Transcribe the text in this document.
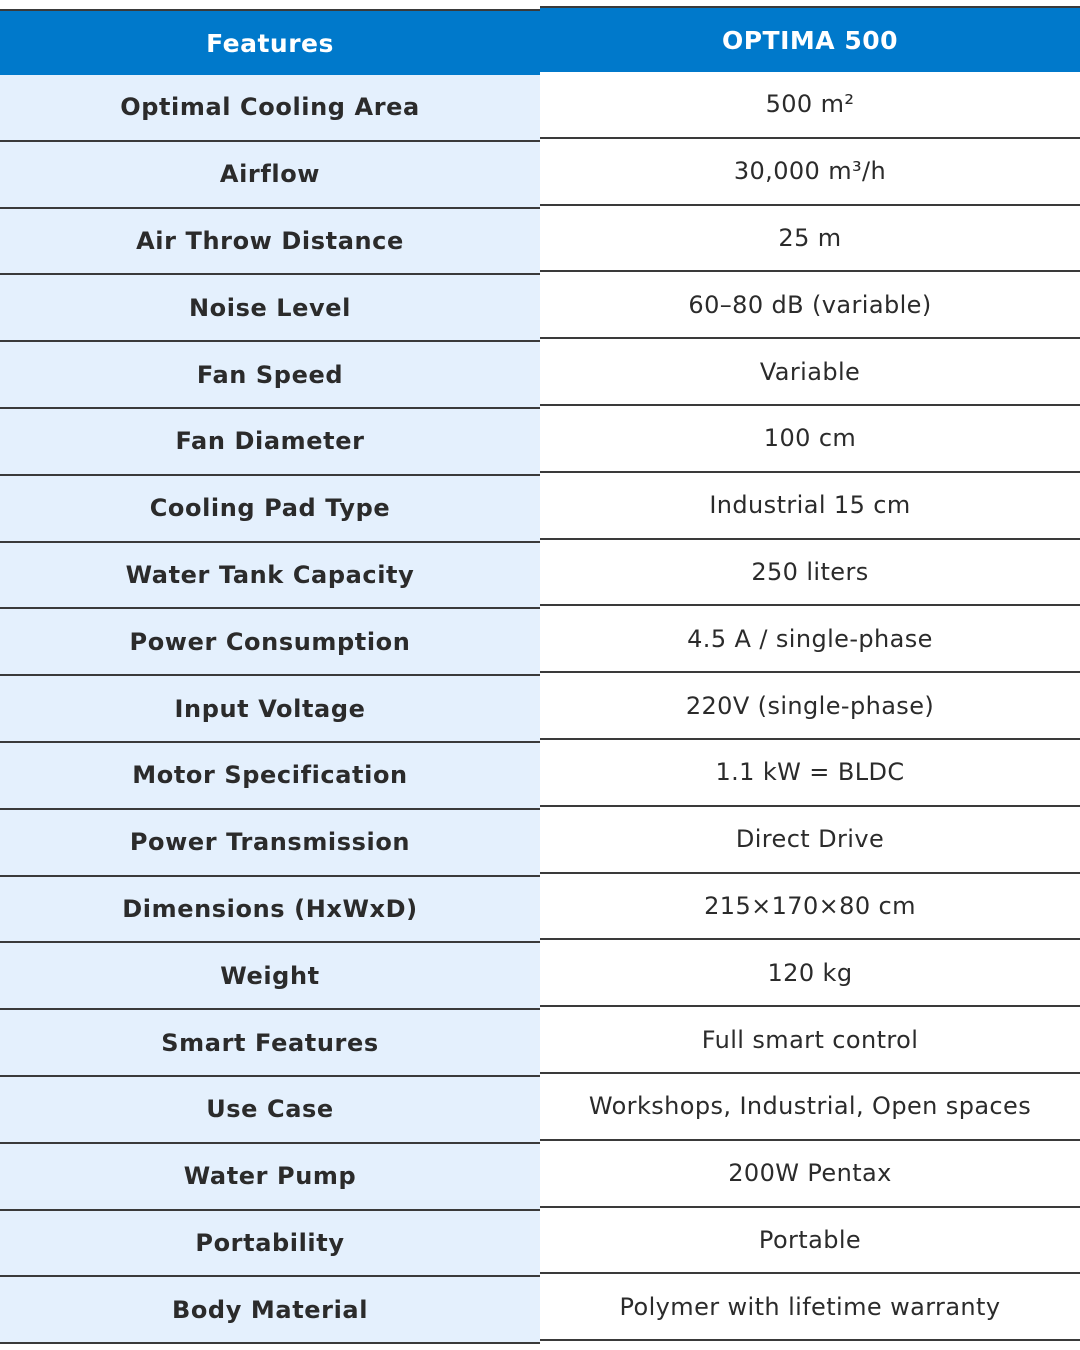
Features
Optimal Cooling Area
Airflow
Air Throw Distance
Noise Level
Fan Speed
Fan Diameter
Cooling Pad Type
Water Tank Capacity
Power Consumption
Input Voltage
Motor Specification
Power Transmission
Dimensions (HxWxD)
Weight
Smart Features
Use Case
Water Pump
Portability
Body Material
OPTIMA 500
500 m²
30,000 m³/h
25 m
60–80 dB (variable)
Variable
100 cm
Industrial 15 cm
250 liters
4.5 A / single-phase
220V (single-phase)
1.1 kW = BLDC
Direct Drive
215×170×80 cm
120 kg
Full smart control
Workshops, Industrial, Open spaces
200W Pentax
Portable
Polymer with lifetime warranty
